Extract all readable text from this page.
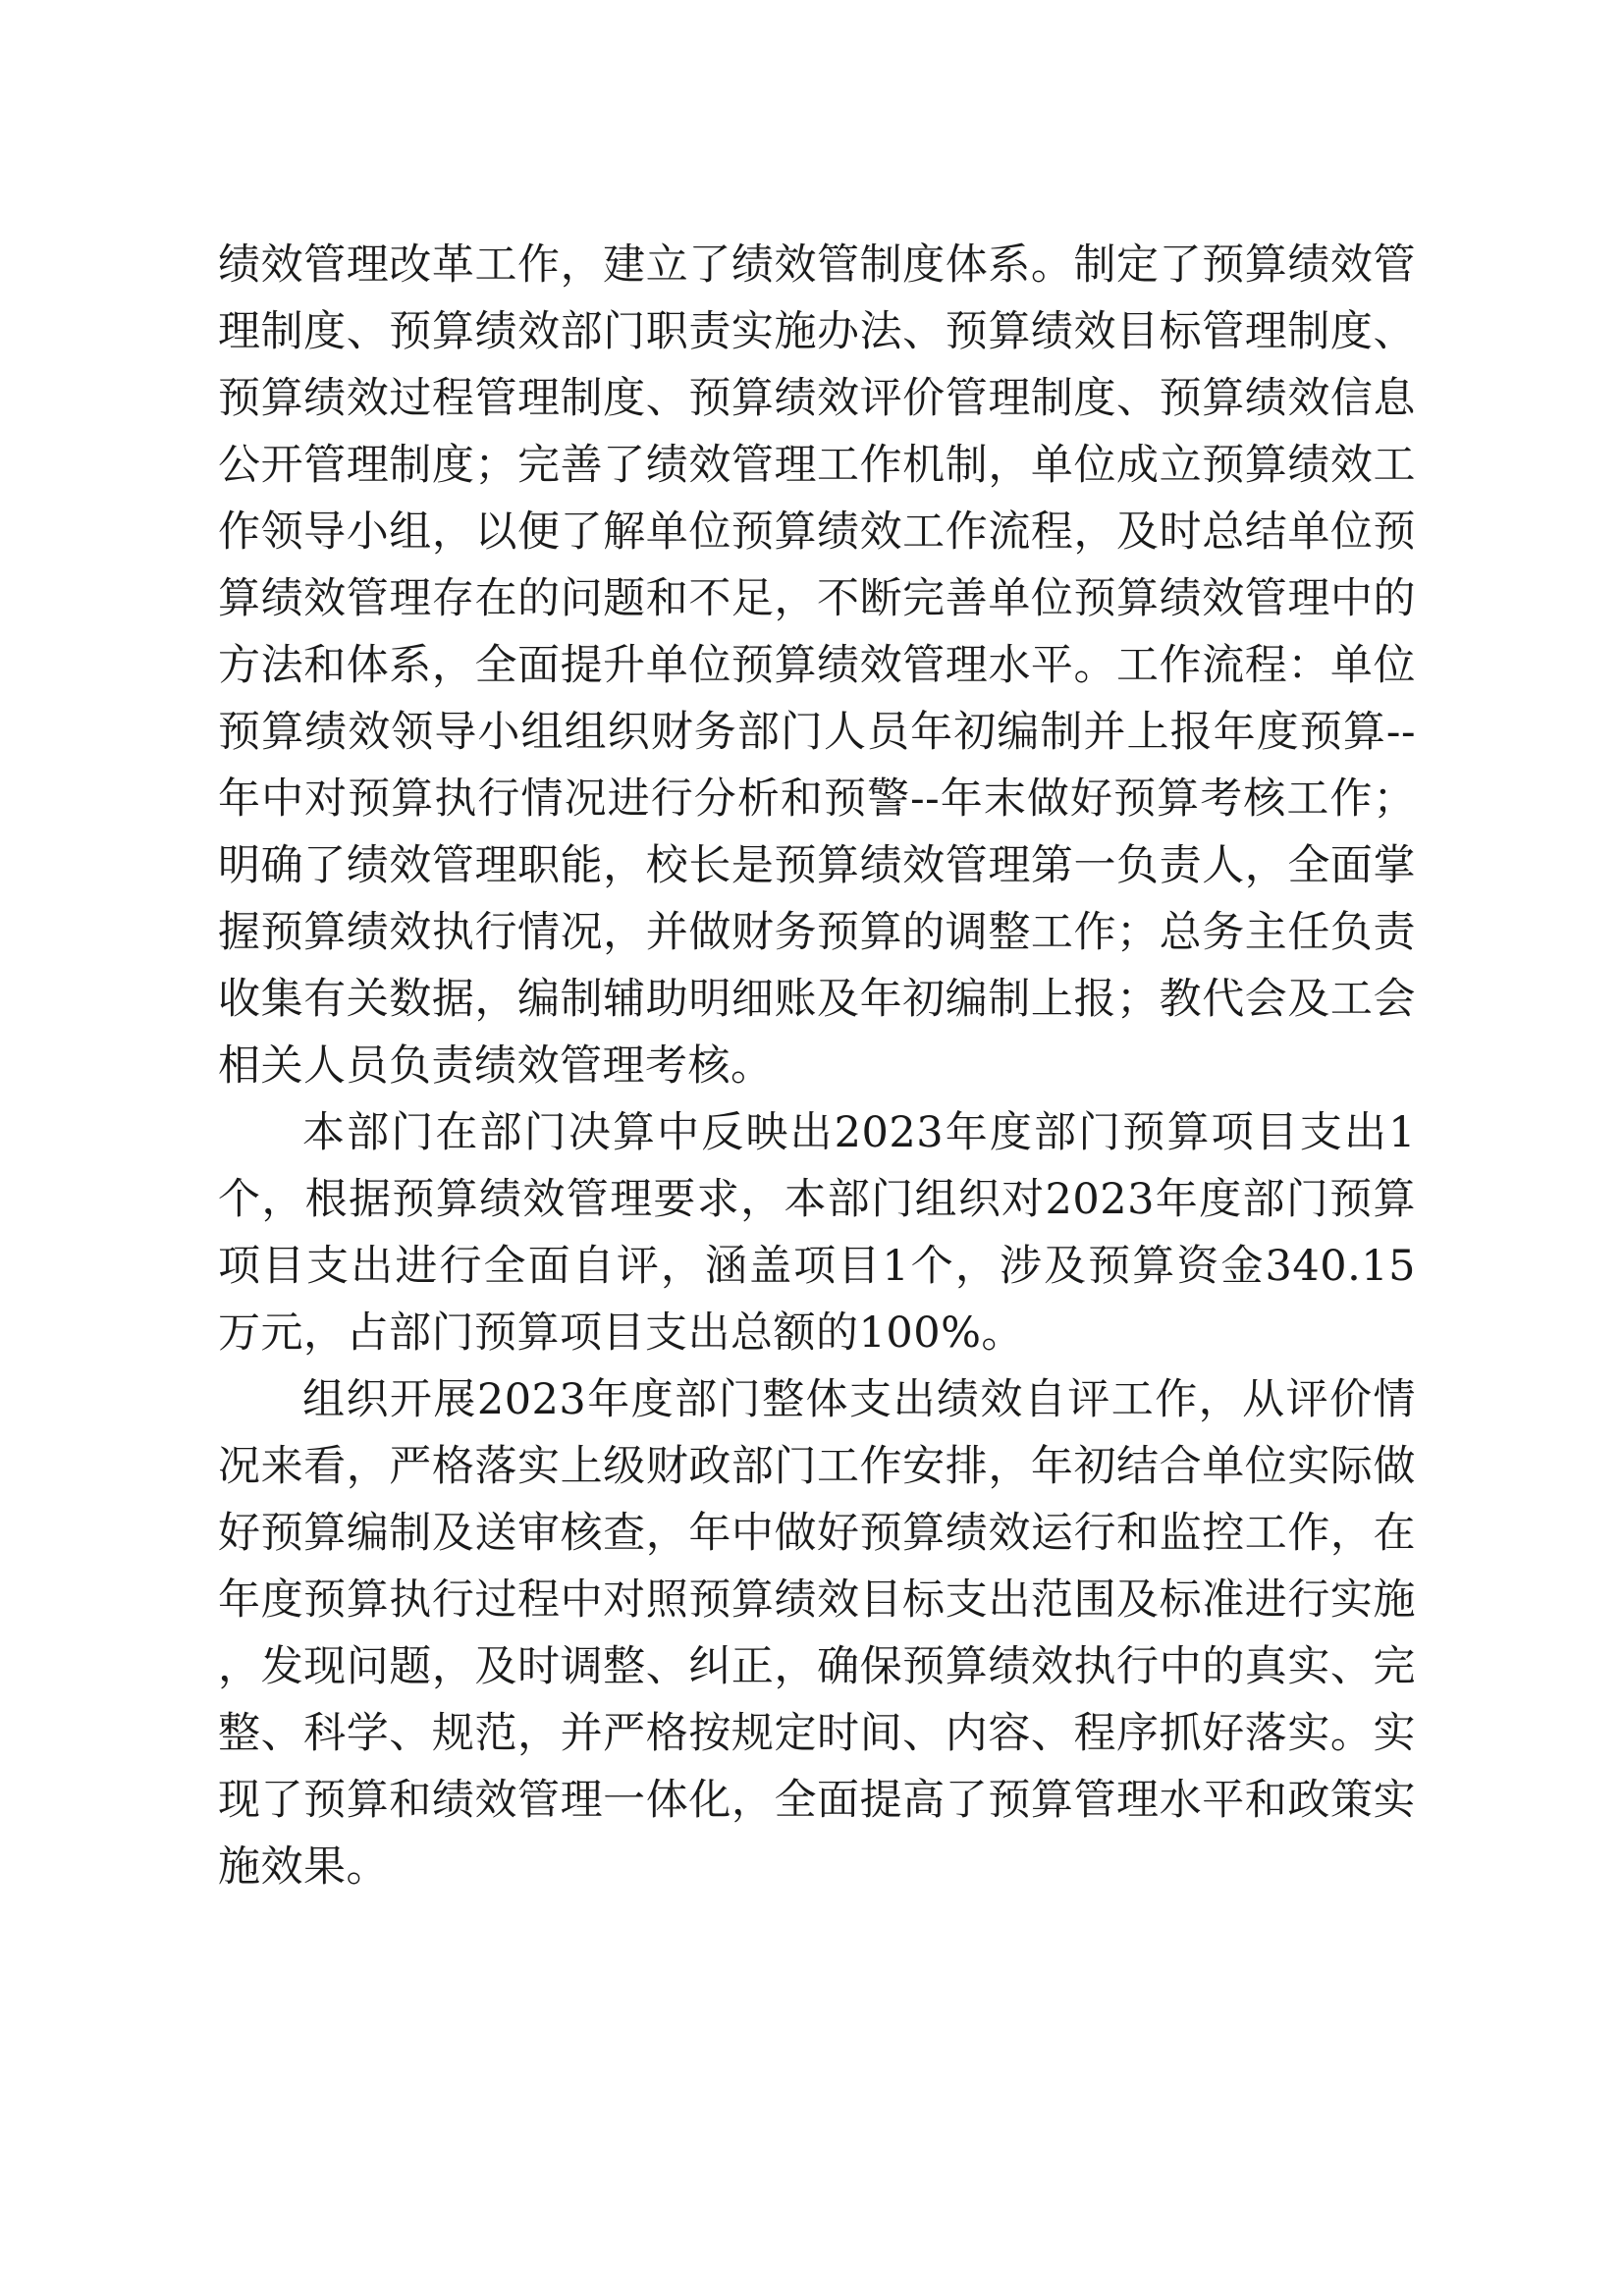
绩效管理改革工作，建立了绩效管制度体系。制定了预算绩效管理制度、预算绩效部门职责实施办法、预算绩效目标管理制度、预算绩效过程管理制度、预算绩效评价管理制度、预算绩效信息公开管理制度；完善了绩效管理工作机制，单位成立预算绩效工作领导小组，以便了解单位预算绩效工作流程，及时总结单位预算绩效管理存在的问题和不足，不断完善单位预算绩效管理中的方法和体系，全面提升单位预算绩效管理水平。工作流程：单位预算绩效领导小组组织财务部门人员年初编制并上报年度预算--年中对预算执行情况进行分析和预警--年末做好预算考核工作；明确了绩效管理职能，校长是预算绩效管理第一负责人，全面掌握预算绩效执行情况，并做财务预算的调整工作；总务主任负责收集有关数据，编制辅助明细账及年初编制上报；教代会及工会相关人员负责绩效管理考核。

本部门在部门决算中反映出2023年度部门预算项目支出1个，根据预算绩效管理要求，本部门组织对2023年度部门预算项目支出进行全面自评，涵盖项目1个，涉及预算资金340.15万元，占部门预算项目支出总额的100%。

组织开展2023年度部门整体支出绩效自评工作，从评价情况来看，严格落实上级财政部门工作安排，年初结合单位实际做好预算编制及送审核查，年中做好预算绩效运行和监控工作，在年度预算执行过程中对照预算绩效目标支出范围及标准进行实施，发现问题，及时调整、纠正，确保预算绩效执行中的真实、完整、科学、规范，并严格按规定时间、内容、程序抓好落实。实现了预算和绩效管理一体化，全面提高了预算管理水平和政策实施效果。
